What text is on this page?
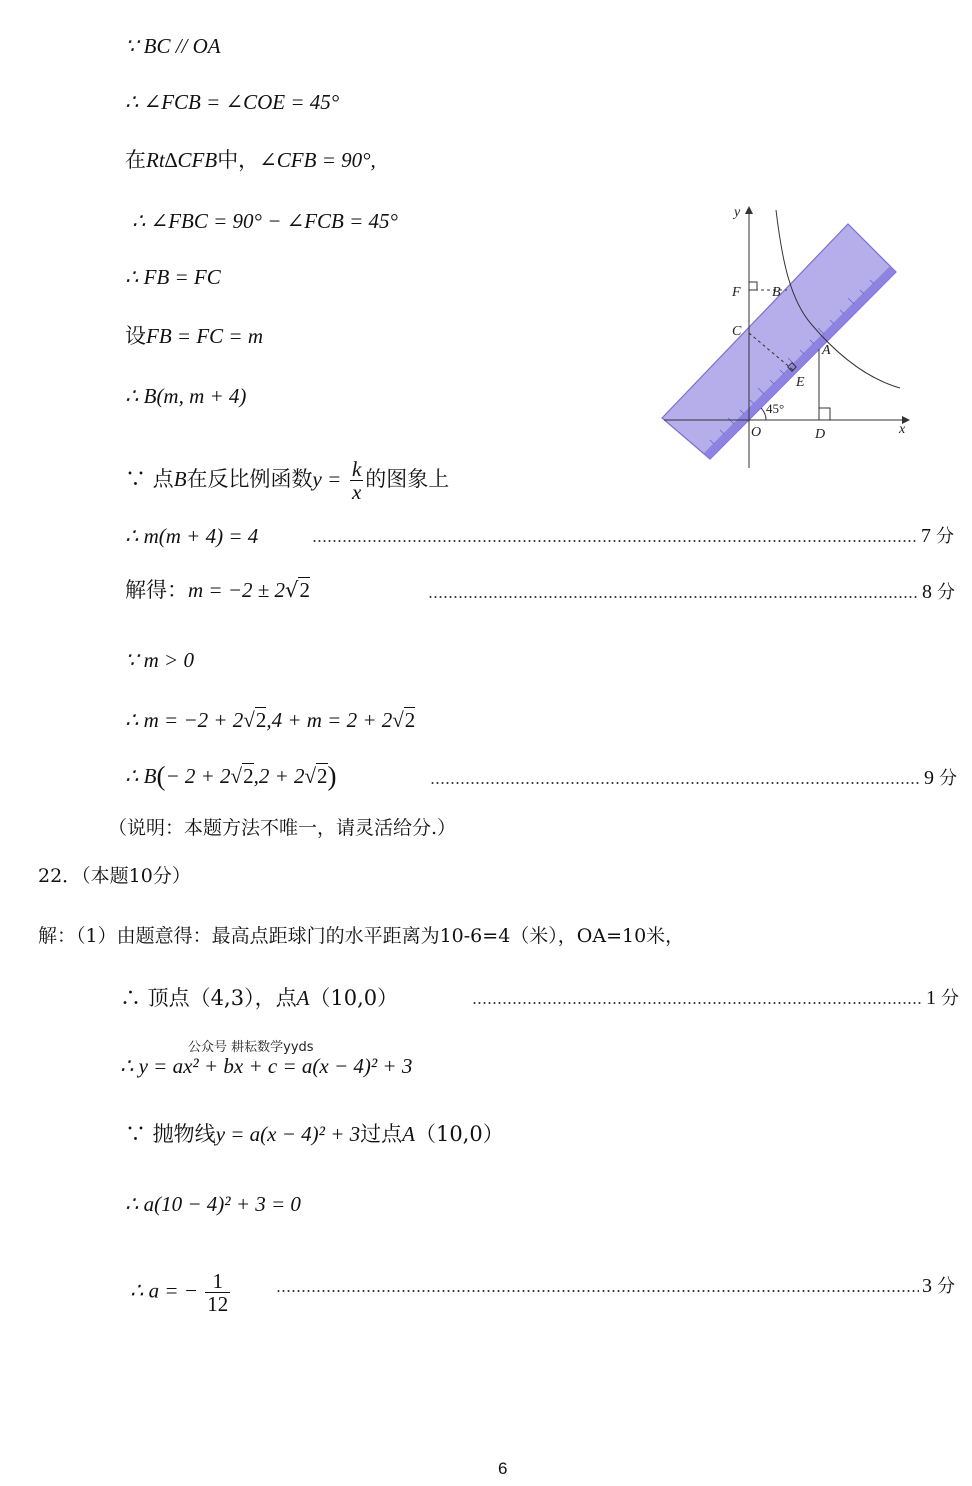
∵ BC // OA
∴ ∠FCB = ∠COE = 45°
在Rt∆CFB中，∠CFB = 90°,
∴ ∠FBC = 90° − ∠FCB = 45°
∴ FB = FC
设FB = FC = m
∴ B(m, m + 4)
∵ 点B在反比例函数$y = \frac{k}{x}$ 的图象上
∴ m(m + 4) = 4	7 分
解得：m = −2 ± 2√2	8 分
∵ m > 0
∴ m = −2 + 2√2,4 + m = 2 + 2√2
∴ B(− 2 + 2√2,2 + 2√2)	9 分
（说明：本题方法不唯一，请灵活给分.）
22．（本题10分）
解：（1）由题意得：最高点距球门的水平距离为10-6=4（米），OA=10米，
∴ 顶点（4,3），点A（10,0）	1 分
公众号 耕耘数学yyds
∴ y = ax² + bx + c = a(x − 4)² + 3
∵ 抛物线y = a(x − 4)² + 3过点A（10,0）
∴ a(10 − 4)² + 3 = 0
∴ a = − $\frac{1}{12}$	3 分
6
y
x
O	D
A
E
C
F B
45°
